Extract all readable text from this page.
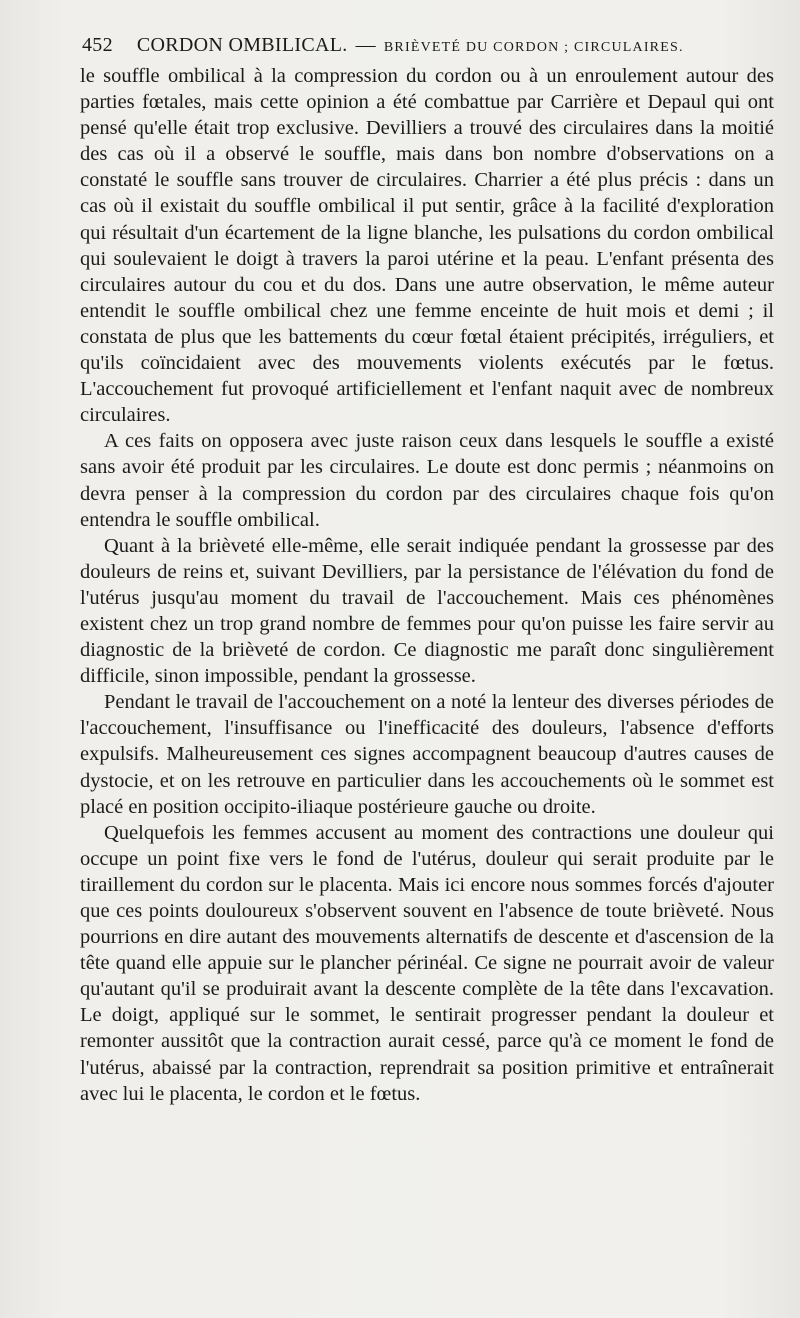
452 CORDON OMBILICAL. — BRIÈVETÉ DU CORDON ; CIRCULAIRES.

le souffle ombilical à la compression du cordon ou à un enroulement autour des parties fœtales, mais cette opinion a été combattue par Carrière et Depaul qui ont pensé qu'elle était trop exclusive. Devilliers a trouvé des circulaires dans la moitié des cas où il a observé le souffle, mais dans bon nombre d'observations on a constaté le souffle sans trouver de circulaires. Charrier a été plus précis : dans un cas où il existait du souffle ombilical il put sentir, grâce à la facilité d'exploration qui résultait d'un écartement de la ligne blanche, les pulsations du cordon ombilical qui soulevaient le doigt à travers la paroi utérine et la peau. L'enfant présenta des circulaires autour du cou et du dos. Dans une autre observation, le même auteur entendit le souffle ombilical chez une femme enceinte de huit mois et demi ; il constata de plus que les battements du cœur fœtal étaient précipités, irréguliers, et qu'ils coïncidaient avec des mouvements violents exécutés par le fœtus. L'accouchement fut provoqué artificiellement et l'enfant naquit avec de nombreux circulaires.

A ces faits on opposera avec juste raison ceux dans lesquels le souffle a existé sans avoir été produit par les circulaires. Le doute est donc permis ; néanmoins on devra penser à la compression du cordon par des circulaires chaque fois qu'on entendra le souffle ombilical.

Quant à la brièveté elle-même, elle serait indiquée pendant la grossesse par des douleurs de reins et, suivant Devilliers, par la persistance de l'élévation du fond de l'utérus jusqu'au moment du travail de l'accouchement. Mais ces phénomènes existent chez un trop grand nombre de femmes pour qu'on puisse les faire servir au diagnostic de la brièveté de cordon. Ce diagnostic me paraît donc singulièrement difficile, sinon impossible, pendant la grossesse.

Pendant le travail de l'accouchement on a noté la lenteur des diverses périodes de l'accouchement, l'insuffisance ou l'inefficacité des douleurs, l'absence d'efforts expulsifs. Malheureusement ces signes accompagnent beaucoup d'autres causes de dystocie, et on les retrouve en particulier dans les accouchements où le sommet est placé en position occipito-iliaque postérieure gauche ou droite.

Quelquefois les femmes accusent au moment des contractions une douleur qui occupe un point fixe vers le fond de l'utérus, douleur qui serait produite par le tiraillement du cordon sur le placenta. Mais ici encore nous sommes forcés d'ajouter que ces points douloureux s'observent souvent en l'absence de toute brièveté. Nous pourrions en dire autant des mouvements alternatifs de descente et d'ascension de la tête quand elle appuie sur le plancher périnéal. Ce signe ne pourrait avoir de valeur qu'autant qu'il se produirait avant la descente complète de la tête dans l'excavation. Le doigt, appliqué sur le sommet, le sentirait progresser pendant la douleur et remonter aussitôt que la contraction aurait cessé, parce qu'à ce moment le fond de l'utérus, abaissé par la contraction, reprendrait sa position primitive et entraînerait avec lui le placenta, le cordon et le fœtus.
